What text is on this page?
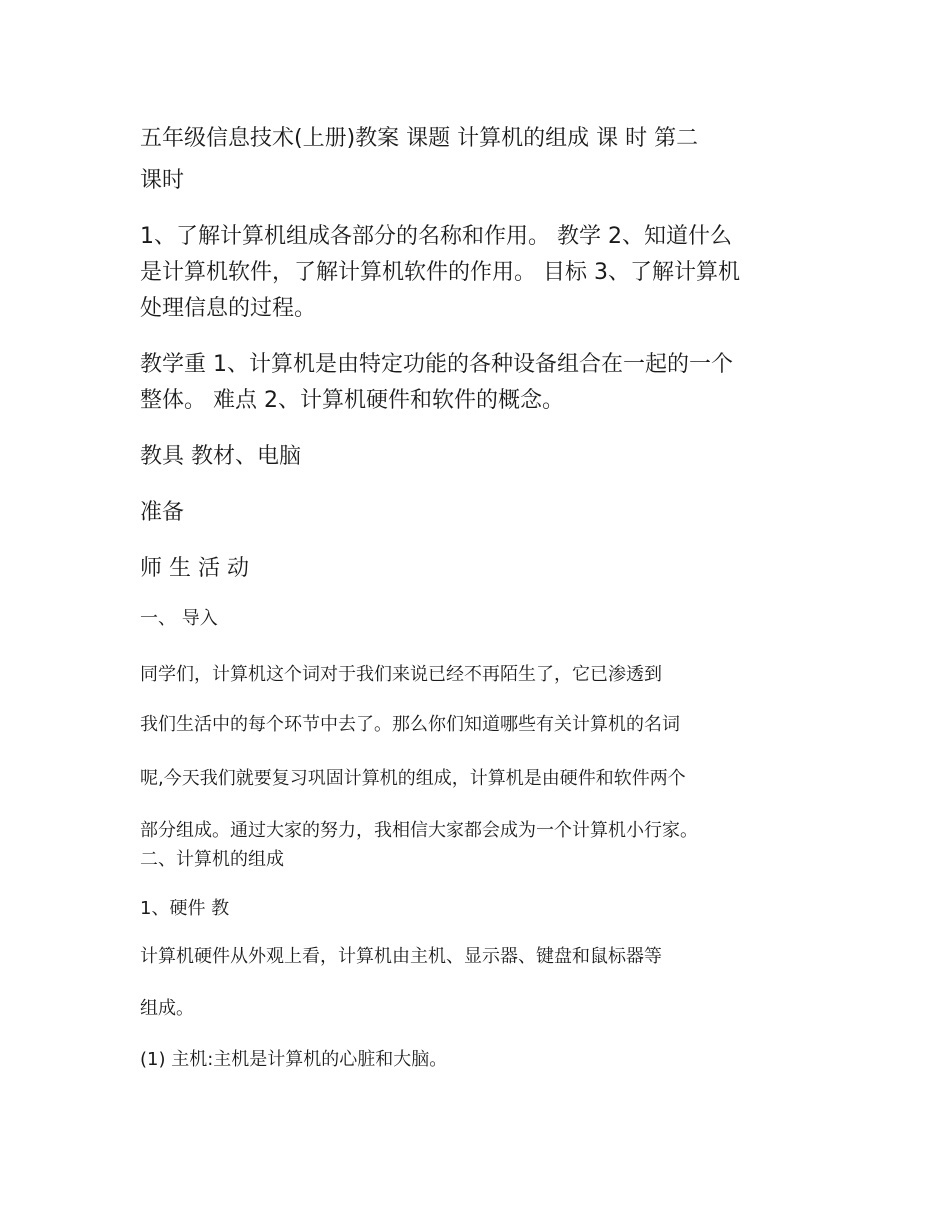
五年级信息技术(上册)教案 课题 计算机的组成 课 时 第二
课时
1、了解计算机组成各部分的名称和作用。 教学 2、知道什么
是计算机软件，了解计算机软件的作用。 目标 3、了解计算机
处理信息的过程。
教学重 1、计算机是由特定功能的各种设备组合在一起的一个
整体。 难点 2、计算机硬件和软件的概念。
教具 教材、电脑
准备
师 生 活 动
一、 导入
同学们，计算机这个词对于我们来说已经不再陌生了，它已渗透到
我们生活中的每个环节中去了。那么你们知道哪些有关计算机的名词
呢,今天我们就要复习巩固计算机的组成，计算机是由硬件和软件两个
部分组成。通过大家的努力，我相信大家都会成为一个计算机小行家。
二、计算机的组成
1、硬件 教
计算机硬件从外观上看，计算机由主机、显示器、键盘和鼠标器等
组成。
(1) 主机:主机是计算机的心脏和大脑。
